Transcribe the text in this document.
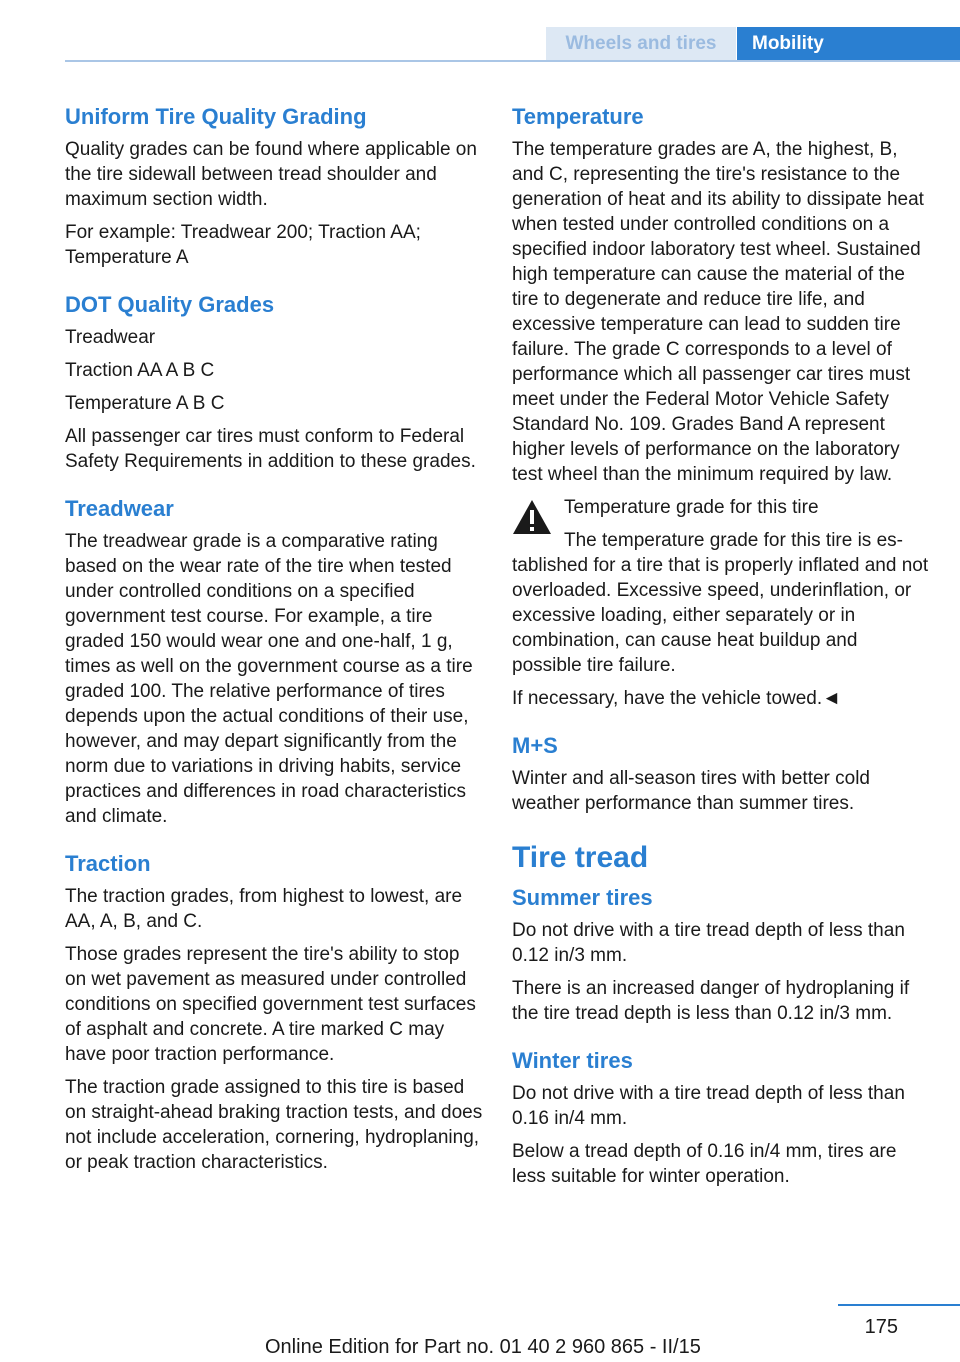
Wheels and tires	Mobility
Uniform Tire Quality Grading

Quality grades can be found where applicable on the tire sidewall between tread shoulder and maximum section width.

For example: Treadwear 200; Traction AA; Temperature A

DOT Quality Grades

Treadwear

Traction AA A B C

Temperature A B C

All passenger car tires must conform to Federal Safety Requirements in addition to these grades.

Treadwear

The treadwear grade is a comparative rating based on the wear rate of the tire when tested under controlled conditions on a specified government test course. For example, a tire graded 150 would wear one and one-half, 1 g, times as well on the government course as a tire graded 100. The relative performance of tires depends upon the actual conditions of their use, however, and may depart significantly from the norm due to variations in driving habits, service practices and differences in road characteristics and climate.

Traction

The traction grades, from highest to lowest, are AA, A, B, and C.

Those grades represent the tire's ability to stop on wet pavement as measured under controlled conditions on specified government test surfaces of asphalt and concrete. A tire marked C may have poor traction performance.

The traction grade assigned to this tire is based on straight-ahead braking traction tests, and does not include acceleration, cornering, hydroplaning, or peak traction characteristics.

Temperature

The temperature grades are A, the highest, B, and C, representing the tire's resistance to the generation of heat and its ability to dissipate heat when tested under controlled conditions on a specified indoor laboratory test wheel. Sustained high temperature can cause the material of the tire to degenerate and reduce tire life, and excessive temperature can lead to sudden tire failure. The grade C corresponds to a level of performance which all passenger car tires must meet under the Federal Motor Vehicle Safety Standard No. 109. Grades Band A represent higher levels of performance on the laboratory test wheel than the minimum required by law.

Temperature grade for this tire

The temperature grade for this tire is es-

tablished for a tire that is properly inflated and not overloaded. Excessive speed, underinflation, or excessive loading, either separately or in combination, can cause heat buildup and possible tire failure.

If necessary, have the vehicle towed.◄

M+S

Winter and all-season tires with better cold weather performance than summer tires.

Tire tread
Summer tires

Do not drive with a tire tread depth of less than 0.12 in/3 mm.

There is an increased danger of hydroplaning if the tire tread depth is less than 0.12 in/3 mm.

Winter tires

Do not drive with a tire tread depth of less than 0.16 in/4 mm.

Below a tread depth of 0.16 in/4 mm, tires are less suitable for winter operation.

175
Online Edition for Part no. 01 40 2 960 865 - II/15
